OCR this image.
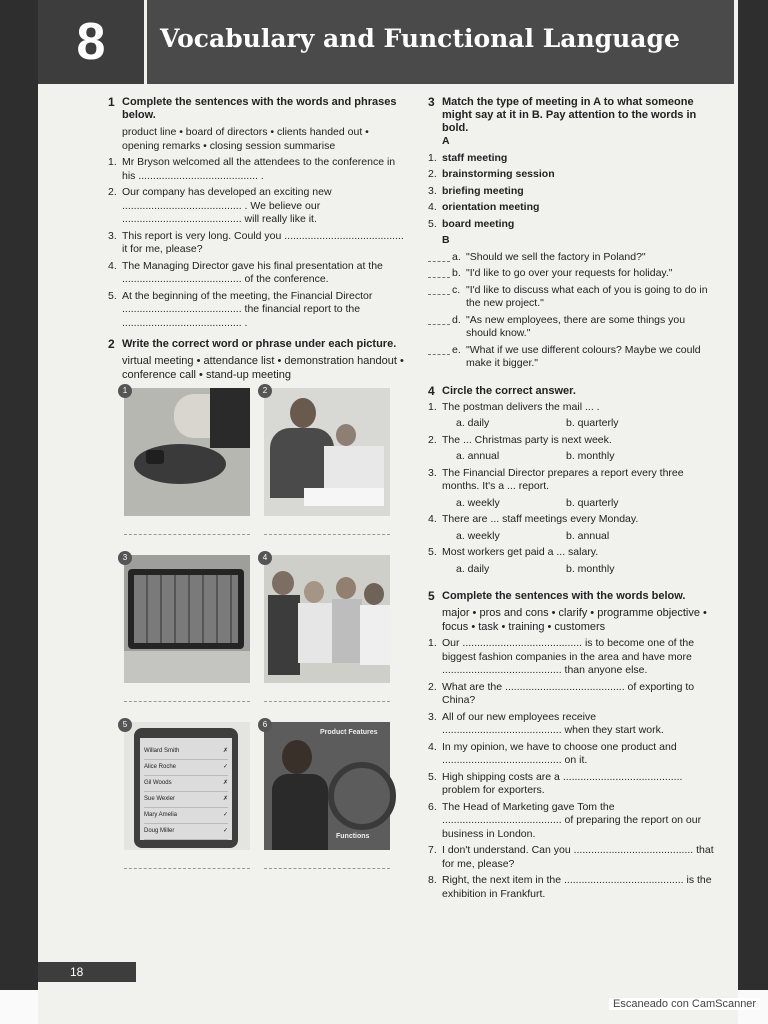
8	Vocabulary and Functional Language
1 Complete the sentences with the words and phrases below.
product line • board of directors • clients handed out • opening remarks • closing session summarise
1. Mr Bryson welcomed all the attendees to the conference in his ......................................... .
2. Our company has developed an exciting new ......................................... . We believe our ......................................... will really like it.
3. This report is very long. Could you ......................................... it for me, please?
4. The Managing Director gave his final presentation at the ......................................... of the conference.
5. At the beginning of the meeting, the Financial Director ......................................... the financial report to the ......................................... .
2 Write the correct word or phrase under each picture.
virtual meeting • attendance list • demonstration handout • conference call • stand-up meeting
1	2
3	4
5
Willard Smith	✗
Alice Roche	✓
Gil Woods	✗
Sue Wexler	✗
Mary Amelia	✓
Doug Miller	✓
6
Product Features
Functions
3 Match the type of meeting in A to what someone might say at it in B. Pay attention to the words in bold.
A
1. staff meeting
2. brainstorming session
3. briefing meeting
4. orientation meeting
5. board meeting
B
a. "Should we sell the factory in Poland?"
b. "I'd like to go over your requests for holiday."
c. "I'd like to discuss what each of you is going to do in the new project."
d. "As new employees, there are some things you should know."
e. "What if we use different colours? Maybe we could make it bigger."
4 Circle the correct answer.
1. The postman delivers the mail ... .
a. daily	b. quarterly
2. The ... Christmas party is next week.
a. annual	b. monthly
3. The Financial Director prepares a report every three months. It's a ... report.
a. weekly	b. quarterly
4. There are ... staff meetings every Monday.
a. weekly	b. annual
5. Most workers get paid a ... salary.
a. daily	b. monthly
5 Complete the sentences with the words below.
major • pros and cons • clarify • programme objective • focus • task • training • customers
1. Our ......................................... is to become one of the biggest fashion companies in the area and have more ......................................... than anyone else.
2. What are the ......................................... of exporting to China?
3. All of our new employees receive ......................................... when they start work.
4. In my opinion, we have to choose one product and ......................................... on it.
5. High shipping costs are a ......................................... problem for exporters.
6. The Head of Marketing gave Tom the ......................................... of preparing the report on our business in London.
7. I don't understand. Can you ......................................... that for me, please?
8. Right, the next item in the ......................................... is the exhibition in Frankfurt.
18
Escaneado con CamScanner
